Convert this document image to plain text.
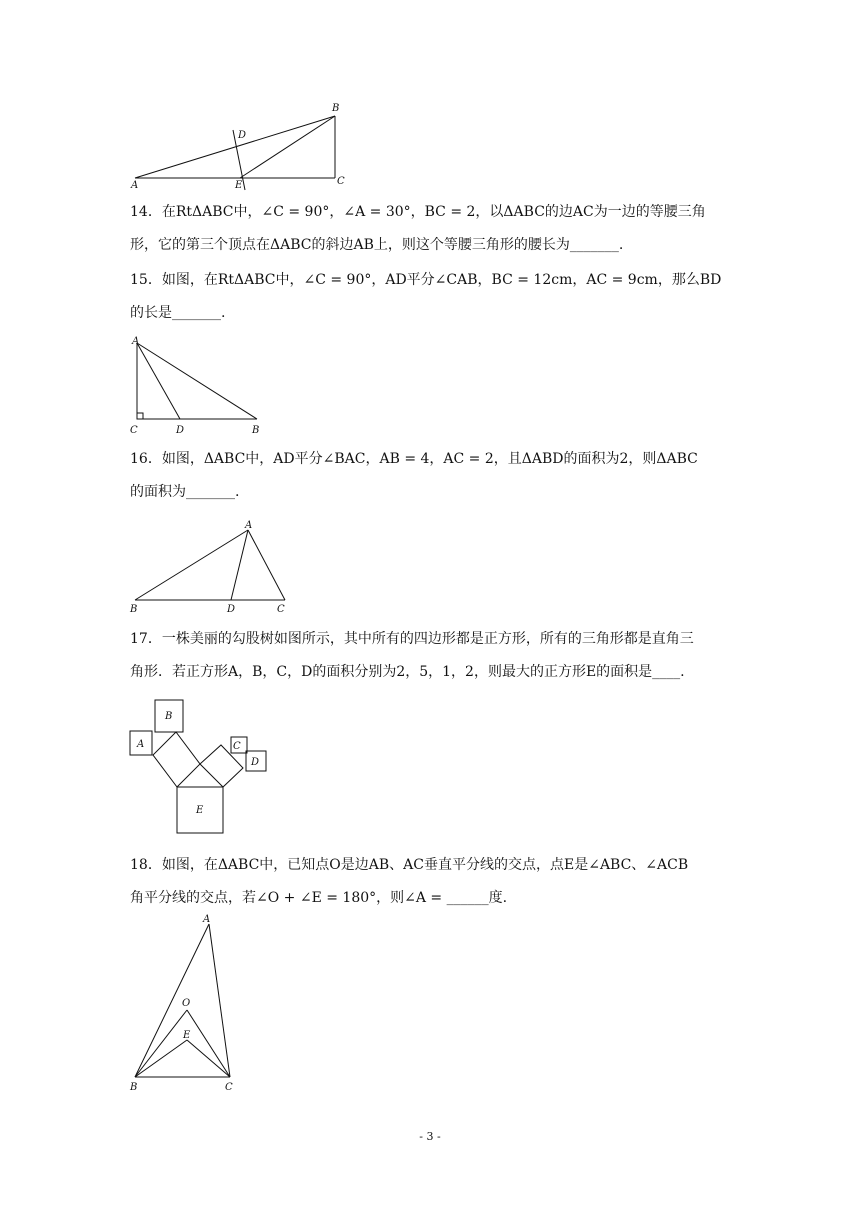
B
D
C
A	E
14．在RtΔABC中，∠C = 90°，∠A = 30°，BC = 2，以ΔABC的边AC为一边的等腰三角
形，它的第三个顶点在ΔABC的斜边AB上，则这个等腰三角形的腰长为_______.
15．如图，在RtΔABC中，∠C = 90°，AD平分∠CAB，BC = 12cm，AC = 9cm，那么BD
的长是_______.
A
C	D	B
16．如图，ΔABC中，AD平分∠BAC，AB = 4，AC = 2，且ΔABD的面积为2，则ΔABC
的面积为_______.
A
B	D	C
17．一株美丽的勾股树如图所示，其中所有的四边形都是正方形，所有的三角形都是直角三
角形．若正方形A，B，C，D的面积分别为2，5，1，2，则最大的正方形E的面积是____.
A
B
C
D
E
18．如图，在ΔABC中，已知点O是边AB、AC垂直平分线的交点，点E是∠ABC、∠ACB
角平分线的交点，若∠O + ∠E = 180°，则∠A = ______度.
A
O
E
B	C
- 3 -
